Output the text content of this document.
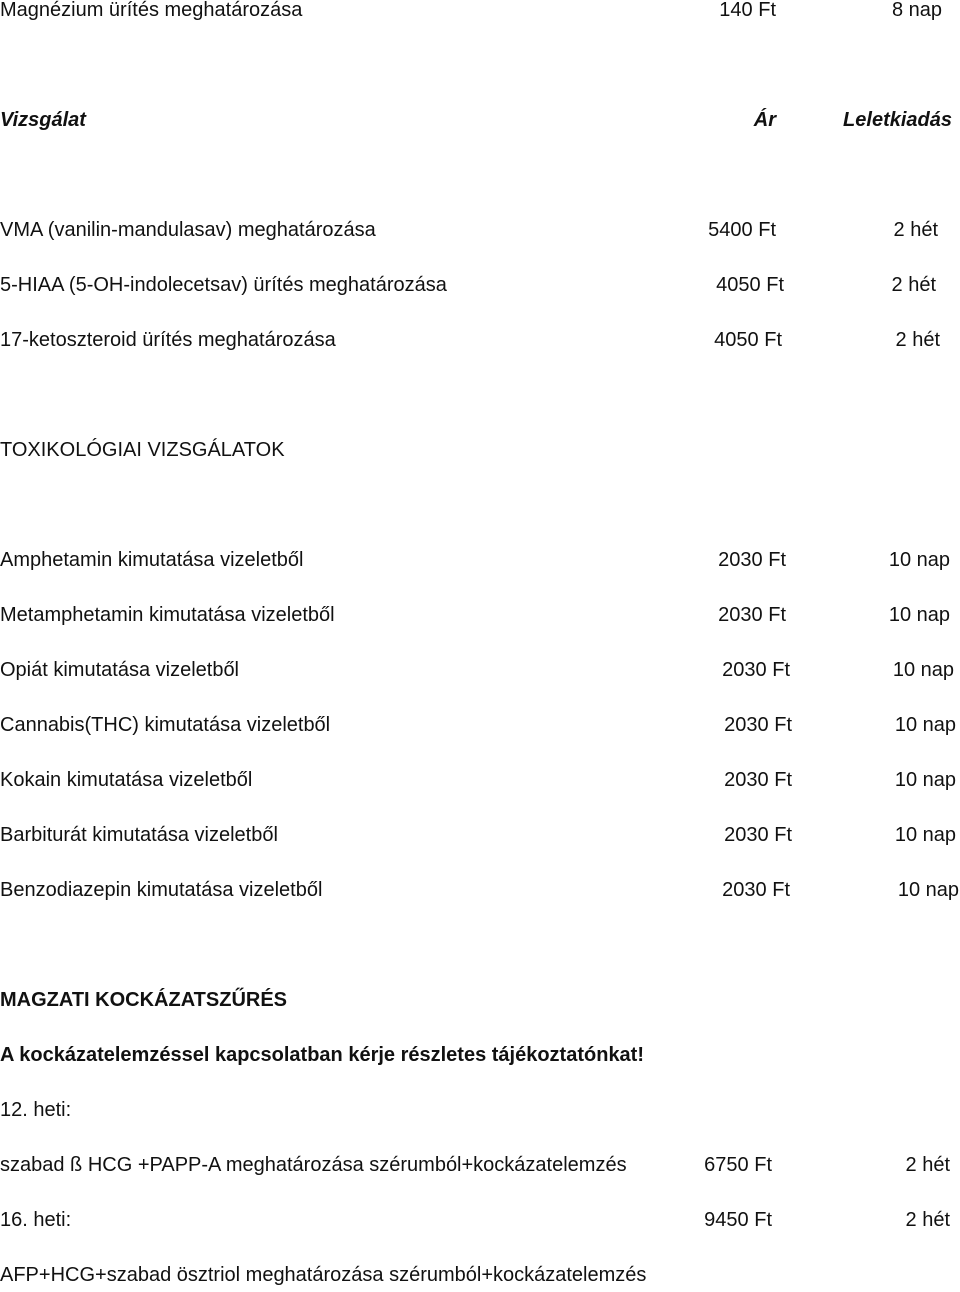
Magnézium ürítés meghatározása	140 Ft	8 nap
Vizsgálat	Ár	Leletkiadás
VMA (vanilin-mandulasav) meghatározása	5400 Ft	2 hét
5-HIAA (5-OH-indolecetsav) ürítés meghatározása	4050 Ft	2 hét
17-ketoszteroid ürítés meghatározása	4050 Ft	2 hét
TOXIKOLÓGIAI VIZSGÁLATOK
Amphetamin kimutatása vizeletből	2030 Ft	10 nap
Metamphetamin kimutatása vizeletből	2030 Ft	10 nap
Opiát kimutatása vizeletből	2030 Ft	10 nap
Cannabis(THC) kimutatása vizeletből	2030 Ft	10 nap
Kokain kimutatása vizeletből	2030 Ft	10 nap
Barbiturát kimutatása vizeletből	2030 Ft	10 nap
Benzodiazepin kimutatása vizeletből	2030 Ft	10 nap
MAGZATI KOCKÁZATSZŰRÉS
A kockázatelemzéssel kapcsolatban kérje részletes tájékoztatónkat!
12. heti:
szabad ß HCG +PAPP-A meghatározása szérumból+kockázatelemzés	6750 Ft	2 hét
16. heti:	9450 Ft	2 hét
AFP+HCG+szabad ösztriol meghatározása szérumból+kockázatelemzés
